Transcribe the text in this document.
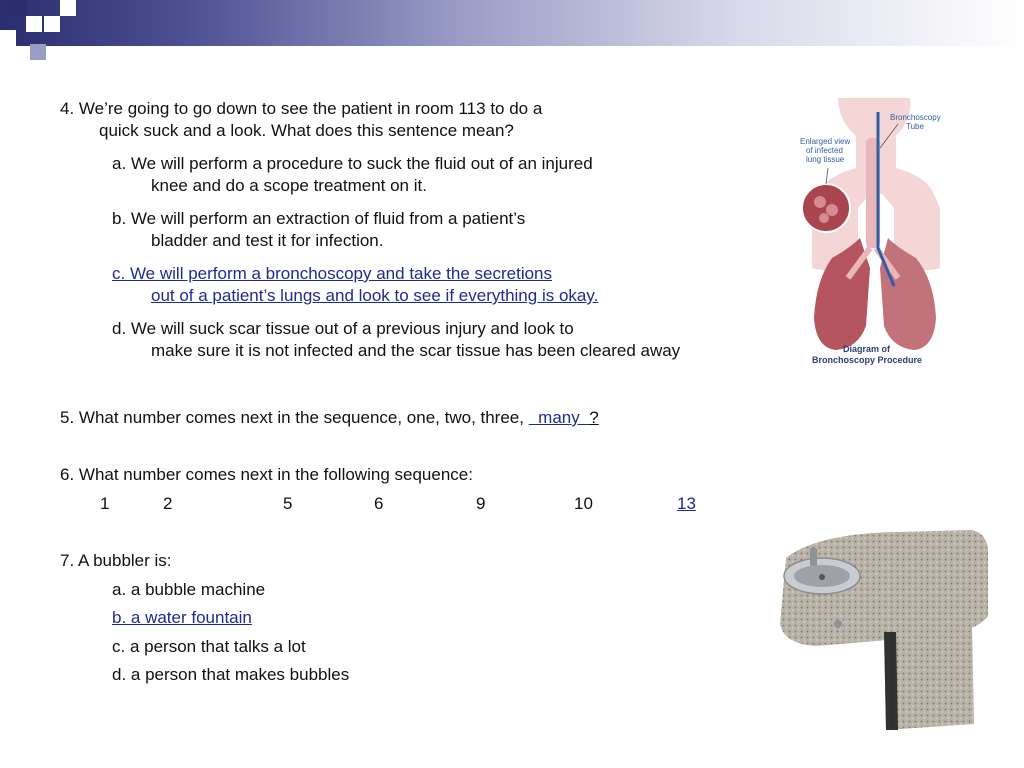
4. We’re going to go down to see the patient in room 113 to do a
quick suck and a look. What does this sentence mean?
a. We will perform a procedure to suck the fluid out of an injured
knee and do a scope treatment on it.
b. We will perform an extraction of fluid from a patient’s
bladder and test it for infection.
c. We will perform a bronchoscopy and take the secretions
out of a patient’s lungs and look to see if everything is okay.
d. We will suck scar tissue out of a previous injury and look to
make sure it is not infected and the scar tissue has been cleared away
5. What number comes next in the sequence, one, two, three,   many  ?
6. What number comes next in the following sequence:
1	2	5	6	9	10	13
7. A bubbler is:
a. a bubble machine
b. a water fountain
c. a person that talks a lot
d. a person that makes bubbles
Bronchoscopy
Tube
Enlarged view
of infected
lung tissue
Diagram of
Bronchoscopy Procedure
